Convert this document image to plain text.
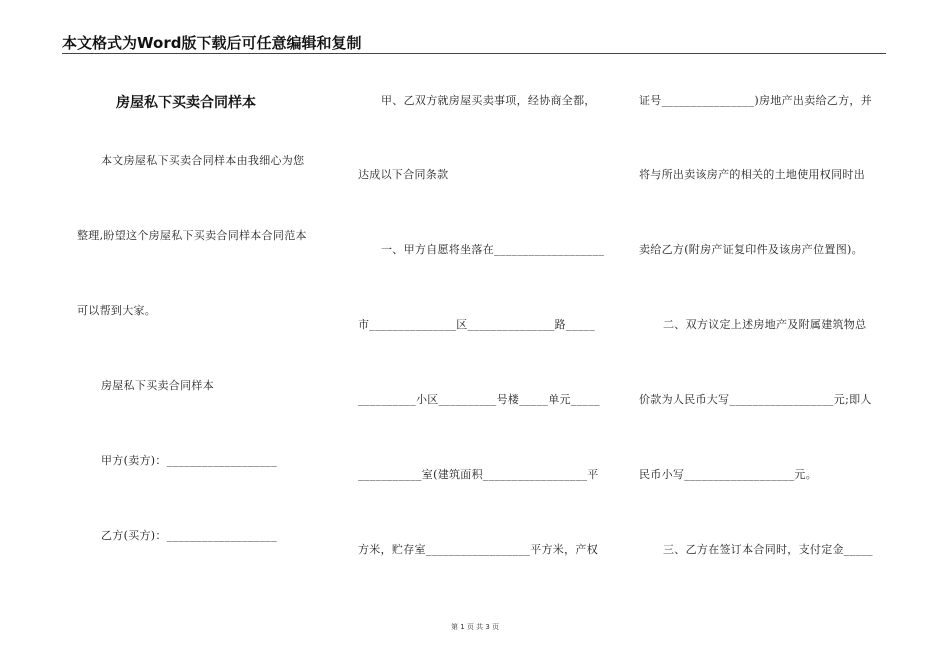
本文格式为Word版下载后可任意编辑和复制
房屋私下买卖合同样本
本文房屋私下买卖合同样本由我细心为您
整理,盼望这个房屋私下买卖合同样本合同范本
可以帮到大家。
房屋私下买卖合同样本
甲方(卖方)：___________________
乙方(买方)：___________________
甲、乙双方就房屋买卖事项，经协商全都，
达成以下合同条款
一、甲方自愿将坐落在___________________
市_______________区_______________路_____
__________小区__________号楼_____单元_____
___________室(建筑面积__________________平
方米，贮存室__________________平方米，产权
证号________________)房地产出卖给乙方，并
将与所出卖该房产的相关的土地使用权同时出
卖给乙方(附房产证复印件及该房产位置图)。
二、双方议定上述房地产及附属建筑物总
价款为人民币大写__________________元;即人
民币小写___________________元。
三、乙方在签订本合同时，支付定金_____
第 1 页 共 3 页
